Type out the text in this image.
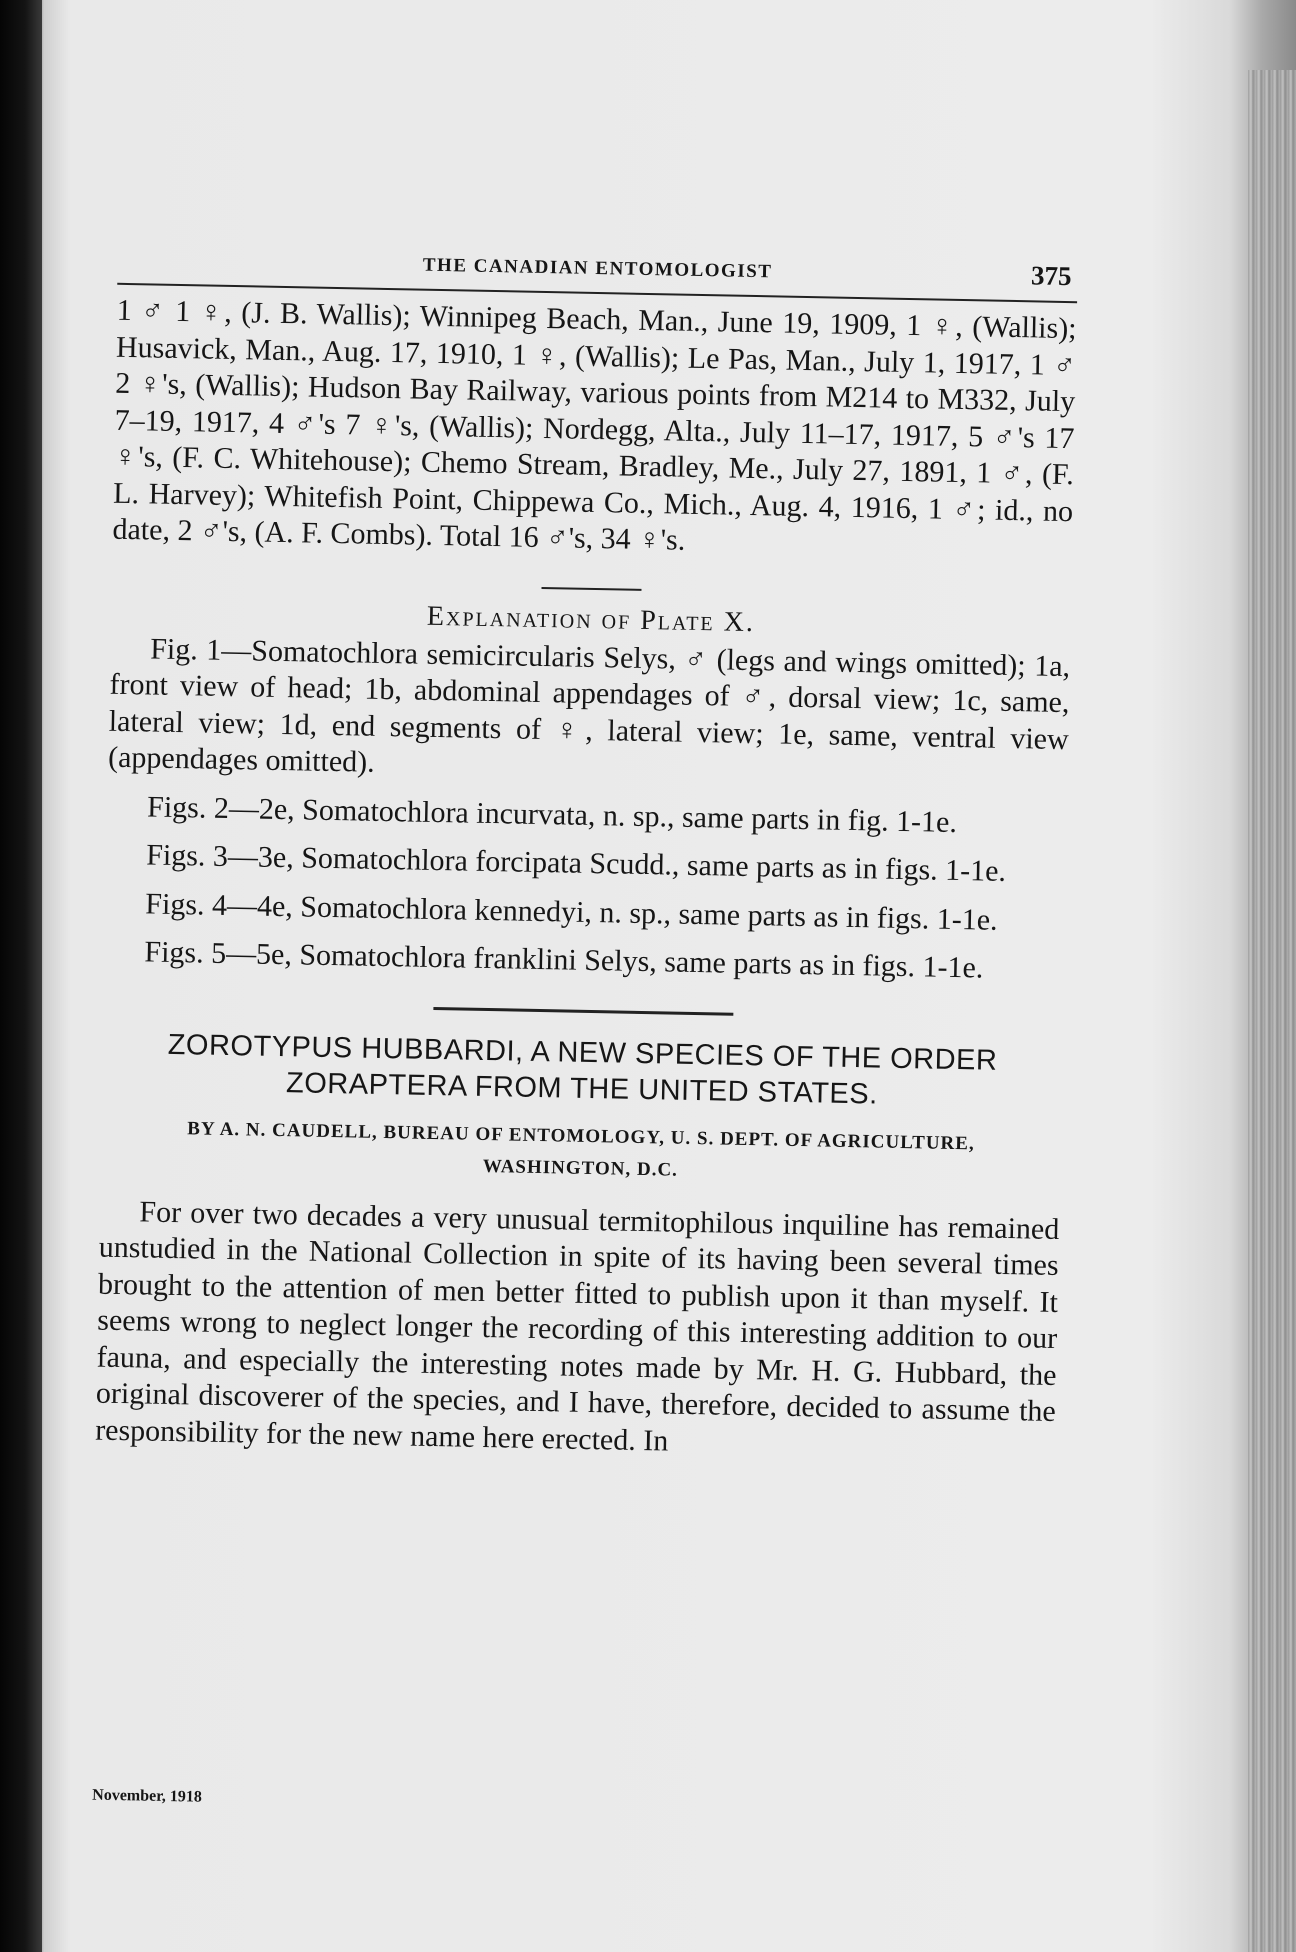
THE CANADIAN ENTOMOLOGIST	375

1 ♂ 1 ♀, (J. B. Wallis); Winnipeg Beach, Man., June 19, 1909, 1 ♀, (Wallis); Husavick, Man., Aug. 17, 1910, 1 ♀, (Wallis); Le Pas, Man., July 1, 1917, 1 ♂ 2 ♀'s, (Wallis); Hudson Bay Railway, various points from M214 to M332, July 7–19, 1917, 4 ♂'s 7 ♀'s, (Wallis); Nordegg, Alta., July 11–17, 1917, 5 ♂'s 17 ♀'s, (F. C. Whitehouse); Chemo Stream, Bradley, Me., July 27, 1891, 1 ♂, (F. L. Harvey); Whitefish Point, Chippewa Co., Mich., Aug. 4, 1916, 1 ♂; id., no date, 2 ♂'s, (A. F. Combs). Total 16 ♂'s, 34 ♀'s.

Explanation of Plate X.

Fig. 1—Somatochlora semicircularis Selys, ♂ (legs and wings omitted); 1a, front view of head; 1b, abdominal appendages of ♂, dorsal view; 1c, same, lateral view; 1d, end segments of ♀, lateral view; 1e, same, ventral view (appendages omitted).

Figs. 2—2e, Somatochlora incurvata, n. sp., same parts in fig. 1-1e.

Figs. 3—3e, Somatochlora forcipata Scudd., same parts as in figs. 1-1e.

Figs. 4—4e, Somatochlora kennedyi, n. sp., same parts as in figs. 1-1e.

Figs. 5—5e, Somatochlora franklini Selys, same parts as in figs. 1-1e.

ZOROTYPUS HUBBARDI, A NEW SPECIES OF THE ORDER ZORAPTERA FROM THE UNITED STATES.
BY A. N. CAUDELL, BUREAU OF ENTOMOLOGY, U. S. DEPT. OF AGRICULTURE, WASHINGTON, D.C.

For over two decades a very unusual termitophilous inquiline has remained unstudied in the National Collection in spite of its having been several times brought to the attention of men better fitted to publish upon it than myself. It seems wrong to neglect longer the recording of this interesting addition to our fauna, and especially the interesting notes made by Mr. H. G. Hubbard, the original discoverer of the species, and I have, therefore, decided to assume the responsibility for the new name here erected. In

November, 1918
